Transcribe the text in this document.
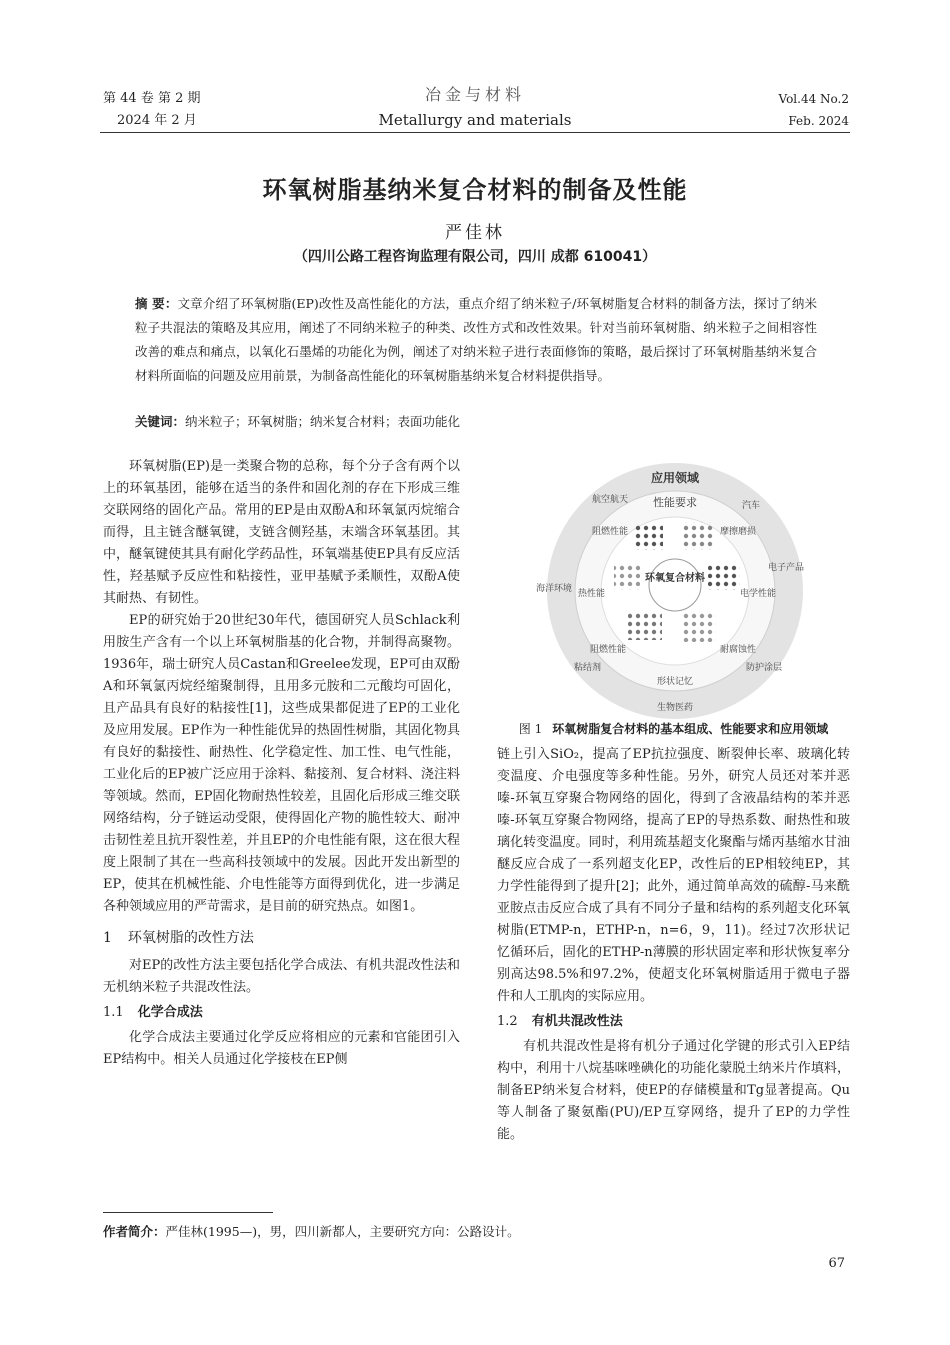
第 44 卷 第 2 期
2024 年 2 月
冶金与材料
Metallurgy and materials
Vol.44 No.2
Feb. 2024
环氧树脂基纳米复合材料的制备及性能
严佳林
（四川公路工程咨询监理有限公司，四川 成都 610041）
摘 要：文章介绍了环氧树脂(EP)改性及高性能化的方法，重点介绍了纳米粒子/环氧树脂复合材料的制备方法，探讨了纳米粒子共混法的策略及其应用，阐述了不同纳米粒子的种类、改性方式和改性效果。针对当前环氧树脂、纳米粒子之间相容性改善的难点和痛点，以氧化石墨烯的功能化为例，阐述了对纳米粒子进行表面修饰的策略，最后探讨了环氧树脂基纳米复合材料所面临的问题及应用前景，为制备高性能化的环氧树脂基纳米复合材料提供指导。
关键词：纳米粒子；环氧树脂；纳米复合材料；表面功能化

环氧树脂(EP)是一类聚合物的总称，每个分子含有两个以上的环氧基团，能够在适当的条件和固化剂的存在下形成三维交联网络的固化产品。常用的EP是由双酚A和环氧氯丙烷缩合而得，且主链含醚氧键，支链含侧羟基，末端含环氧基团。其中，醚氧键使其具有耐化学药品性，环氧端基使EP具有反应活性，羟基赋予反应性和粘接性，亚甲基赋予柔顺性，双酚A使其耐热、有韧性。

EP的研究始于20世纪30年代，德国研究人员Schlack利用胺生产含有一个以上环氧树脂基的化合物，并制得高聚物。1936年，瑞士研究人员Castan和Greelee发现，EP可由双酚A和环氧氯丙烷经缩聚制得，且用多元胺和二元酸均可固化，且产品具有良好的粘接性[1]，这些成果都促进了EP的工业化及应用发展。EP作为一种性能优异的热固性树脂，其固化物具有良好的黏接性、耐热性、化学稳定性、加工性、电气性能，工业化后的EP被广泛应用于涂料、黏接剂、复合材料、浇注料等领域。然而，EP固化物耐热性较差，且固化后形成三维交联网络结构，分子链运动受限，使得固化产物的脆性较大、耐冲击韧性差且抗开裂性差，并且EP的介电性能有限，这在很大程度上限制了其在一些高科技领域中的发展。因此开发出新型的EP，使其在机械性能、介电性能等方面得到优化，进一步满足各种领域应用的严苛需求，是目前的研究热点。如图1。

1 环氧树脂的改性方法

对EP的改性方法主要包括化学合成法、有机共混改性法和无机纳米粒子共混改性法。

1.1 化学合成法

化学合成法主要通过化学反应将相应的元素和官能团引入EP结构中。相关人员通过化学接枝在EP侧

环氧复合材料
应用领域
性能要求
航空航天
汽车
电子产品
防护涂层
生物医药
粘结剂
海洋环境
阻燃性能	摩擦磨损
电学性能
耐腐蚀性
形状记忆
阻燃性能
热性能
图 1 环氧树脂复合材料的基本组成、性能要求和应用领域

链上引入SiO₂，提高了EP抗拉强度、断裂伸长率、玻璃化转变温度、介电强度等多种性能。另外，研究人员还对苯并恶嗪-环氧互穿聚合物网络的固化，得到了含液晶结构的苯并恶嗪-环氧互穿聚合物网络，提高了EP的导热系数、耐热性和玻璃化转变温度。同时，利用巯基超支化聚酯与烯丙基缩水甘油醚反应合成了一系列超支化EP，改性后的EP相较纯EP，其力学性能得到了提升[2]；此外，通过简单高效的硫醇-马来酰亚胺点击反应合成了具有不同分子量和结构的系列超支化环氧树脂(ETMP-n，ETHP-n，n=6，9，11)。经过7次形状记忆循环后，固化的ETHP-n薄膜的形状固定率和形状恢复率分别高达98.5%和97.2%，使超支化环氧树脂适用于微电子器件和人工肌肉的实际应用。

1.2 有机共混改性法

有机共混改性是将有机分子通过化学键的形式引入EP结构中，利用十八烷基咪唑碘化的功能化蒙脱土纳米片作填料，制备EP纳米复合材料，使EP的存储模量和Tg显著提高。Qu等人制备了聚氨酯(PU)/EP互穿网络，提升了EP的力学性能。

作者简介：严佳林(1995—)，男，四川新都人，主要研究方向：公路设计。
67
